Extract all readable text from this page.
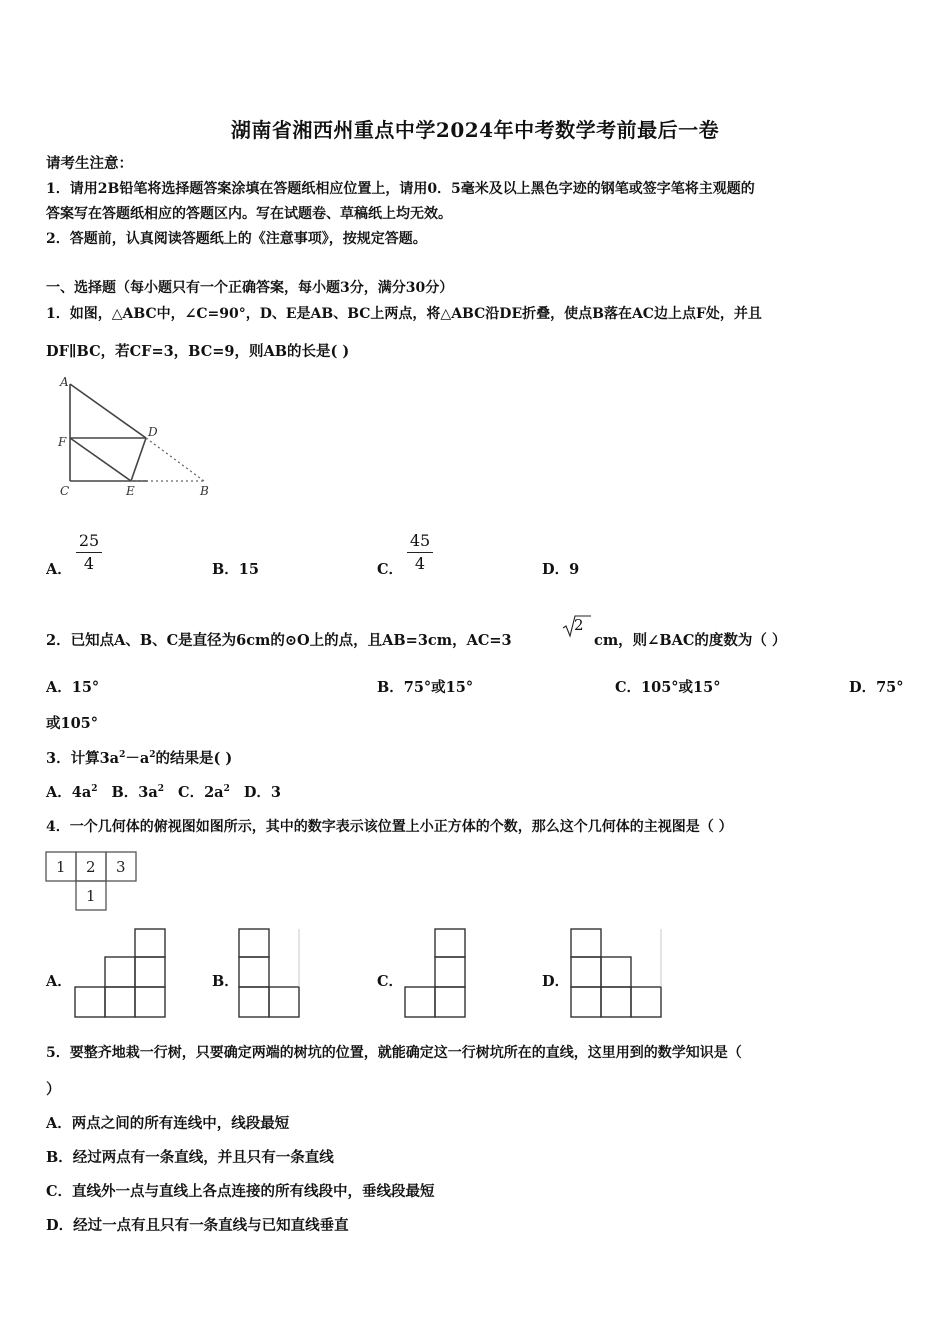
湖南省湘西州重点中学2024年中考数学考前最后一卷
请考生注意：
1．请用2B铅笔将选择题答案涂填在答题纸相应位置上，请用0．5毫米及以上黑色字迹的钢笔或签字笔将主观题的
答案写在答题纸相应的答题区内。写在试题卷、草稿纸上均无效。
2．答题前，认真阅读答题纸上的《注意事项》，按规定答题。
一、选择题（每小题只有一个正确答案，每小题3分，满分30分）
1．如图，△ABC中，∠C=90°，D、E是AB、BC上两点，将△ABC沿DE折叠，使点B落在AC边上点F处，并且
DF∥BC，若CF=3，BC=9，则AB的长是( )
A
D
F
C	E	B
A．
25
4	B．15	C．
45
4	D．9
2．已知点A、B、C是直径为6cm的⊙O上的点，且AB=3cm，AC=3
2
cm，则∠BAC的度数为（ ）
A．15°	B．75°或15°	C．105°或15°	D．75°
或105°
3．计算$3a^2-a^2$的结果是( )
A．$4a^2$ B．$3a^2$ C．$2a^2$ D．3
4．一个几何体的俯视图如图所示，其中的数字表示该位置上小正方体的个数，那么这个几何体的主视图是（ ）
1 2 3
1
A．	B．	C．	D．
5．要整齐地栽一行树，只要确定两端的树坑的位置，就能确定这一行树坑所在的直线，这里用到的数学知识是（
）
A．两点之间的所有连线中，线段最短
B．经过两点有一条直线，并且只有一条直线
C．直线外一点与直线上各点连接的所有线段中，垂线段最短
D．经过一点有且只有一条直线与已知直线垂直
